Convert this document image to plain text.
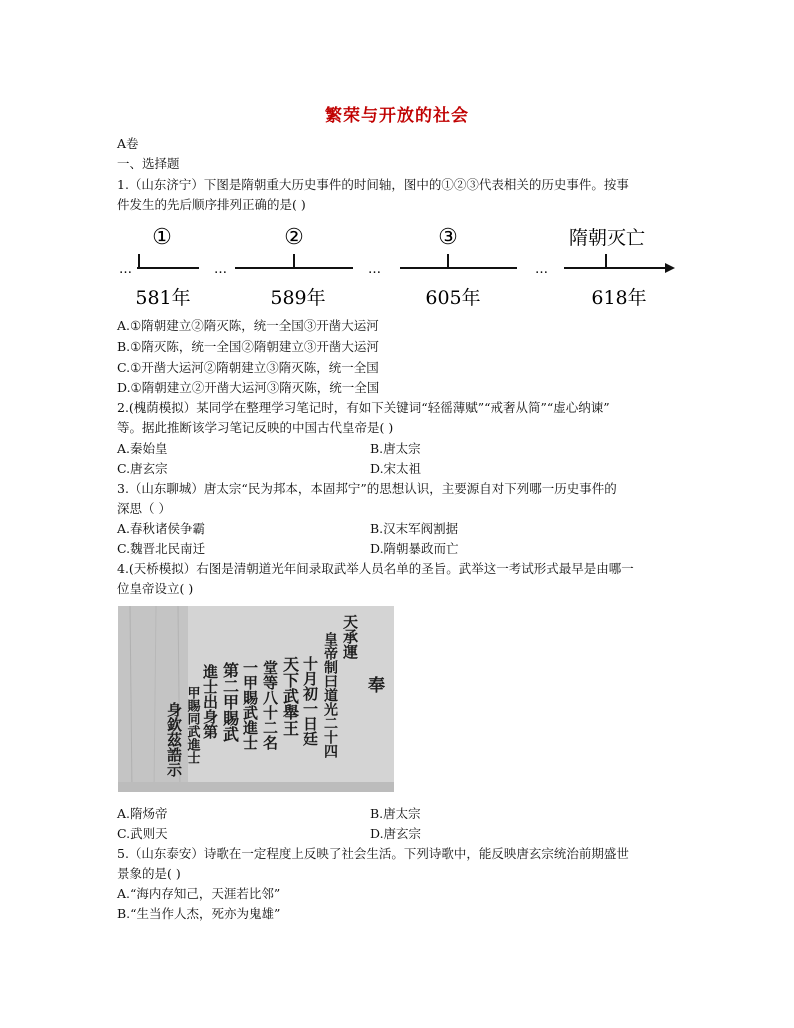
繁荣与开放的社会
A卷
一、选择题
1.（山东济宁）下图是隋朝重大历史事件的时间轴，图中的①②③代表相关的历史事件。按事
件发生的先后顺序排列正确的是( )
①	②	③	隋朝灭亡
…	…	…	…
581年	589年	605年	618年
A.①隋朝建立②隋灭陈，统一全国③开凿大运河
B.①隋灭陈，统一全国②隋朝建立③开凿大运河
C.①开凿大运河②隋朝建立③隋灭陈，统一全国
D.①隋朝建立②开凿大运河③隋灭陈，统一全国
2.(槐荫模拟）某同学在整理学习笔记时，有如下关键词“轻徭薄赋”“戒奢从简”“虚心纳谏”
等。据此推断该学习笔记反映的中国古代皇帝是( )
A.秦始皇	B.唐太宗
C.唐玄宗	D.宋太祖
3.（山东聊城）唐太宗“民为邦本，本固邦宁”的思想认识，主要源自对下列哪一历史事件的
深思（ ）
A.春秋诸侯争霸	B.汉末军阀割据
C.魏晋北民南迁	D.隋朝暴政而亡
4.(天桥模拟）右图是清朝道光年间录取武举人员名单的圣旨。武举这一考试形式最早是由哪一
位皇帝设立( )
奉
天承運
皇帝制曰道光二十四
十月初一日廷
天下武舉王
堂等八十二名
一甲賜武進士
第二甲賜武
進士出身第
甲賜同武進士
身欽茲誥示
A.隋炀帝	B.唐太宗
C.武则天	D.唐玄宗
5.（山东泰安）诗歌在一定程度上反映了社会生活。下列诗歌中，能反映唐玄宗统治前期盛世
景象的是( )
A.“海内存知己，天涯若比邻”
B.“生当作人杰，死亦为鬼雄”
